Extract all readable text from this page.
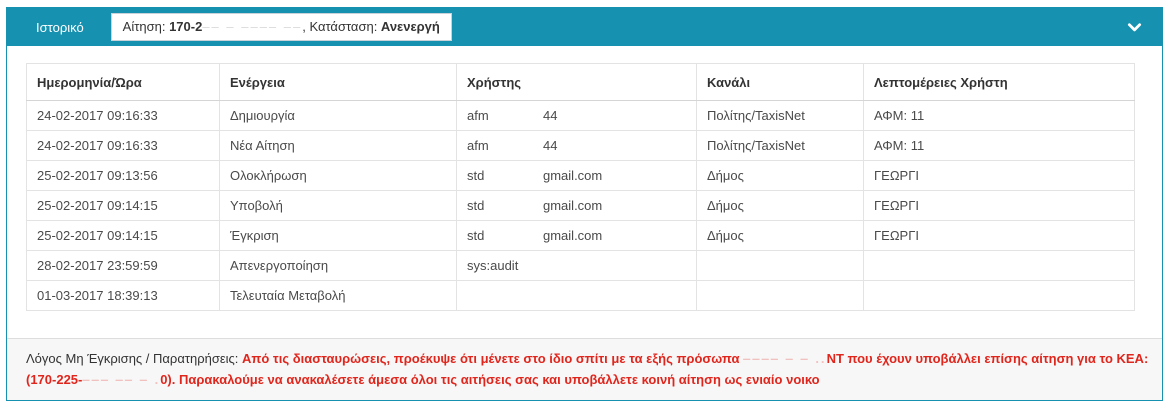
Ιστορικό	Αίτηση: 170-2‒‒ ‒ ‒‒‒‒ ‒‒, Κατάσταση: Ανενεργή
Ημερομηνία/Ώρα	Ενέργεια	Χρήστης	Κανάλι	Λεπτομέρειες Χρήστη
24-02-2017 09:16:33	Δημιουργία	afm 44	Πολίτης/TaxisNet	ΑΦΜ: 11
24-02-2017 09:16:33	Νέα Αίτηση	afm 44	Πολίτης/TaxisNet	ΑΦΜ: 11
25-02-2017 09:13:56	Ολοκλήρωση	std gmail.com	Δήμος	ΓΕΩΡΓΙ
25-02-2017 09:14:15	Υποβολή	std gmail.com	Δήμος	ΓΕΩΡΓΙ
25-02-2017 09:14:15	Έγκριση	std gmail.com	Δήμος	ΓΕΩΡΓΙ
28-02-2017 23:59:59	Απενεργοποίηση	sys:audit		
01-03-2017 18:39:13	Τελευταία Μεταβολή			
Λόγος Μη Έγκρισης / Παρατηρήσεις: Από τις διασταυρώσεις, προέκυψε ότι μένετε στο ίδιο σπίτι με τα εξής πρόσωπα ‒‒‒‒ ‒ ‒ ..ΝΤ που έχουν υποβάλλει επίσης αίτηση για το ΚΕΑ: (170-225-‒‒‒ ‒‒ ‒ .0). Παρακαλούμε να ανακαλέσετε άμεσα όλοι τις αιτήσεις σας και υποβάλλετε κοινή αίτηση ως ενιαίο νοικο
